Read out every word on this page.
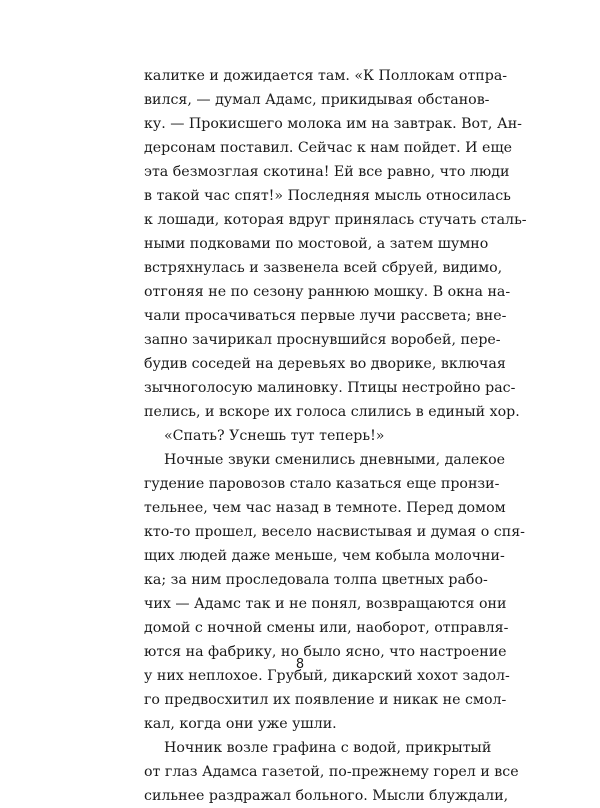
калитке и дожидается там. «К Поллокам отпра-
вился, — думал Адамс, прикидывая обстанов-
ку. — Прокисшего молока им на завтрак. Вот, Ан-
дерсонам поставил. Сейчас к нам пойдет. И еще
эта безмозглая скотина! Ей все равно, что люди
в такой час спят!» Последняя мысль относилась
к лошади, которая вдруг принялась стучать сталь-
ными подковами по мостовой, а затем шумно
встряхнулась и зазвенела всей сбруей, видимо,
отгоняя не по сезону раннюю мошку. В окна на-
чали просачиваться первые лучи рассвета; вне-
запно зачирикал проснувшийся воробей, пере-
будив соседей на деревьях во дворике, включая
зычноголосую малиновку. Птицы нестройно рас-
пелись, и вскоре их голоса слились в единый хор.
«Спать? Уснешь тут теперь!»
Ночные звуки сменились дневными, далекое
гудение паровозов стало казаться еще пронзи-
тельнее, чем час назад в темноте. Перед домом
кто-то прошел, весело насвистывая и думая о спя-
щих людей даже меньше, чем кобыла молочни-
ка; за ним проследовала толпа цветных рабо-
чих — Адамс так и не понял, возвращаются они
домой с ночной смены или, наоборот, отправля-
ются на фабрику, но было ясно, что настроение
у них неплохое. Грубый, дикарский хохот задол-
го предвосхитил их появление и никак не смол-
кал, когда они уже ушли.
Ночник возле графина с водой, прикрытый
от глаз Адамса газетой, по-прежнему горел и все
сильнее раздражал больного. Мысли блуждали,
8
